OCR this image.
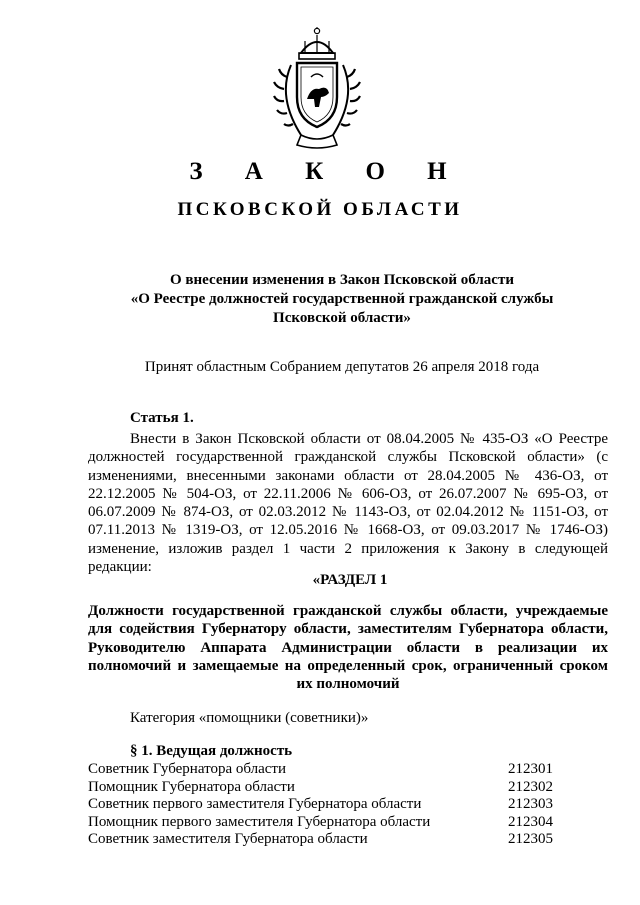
З А К О Н
ПСКОВСКОЙ ОБЛАСТИ
О внесении изменения в Закон Псковской области
«О Реестре должностей государственной гражданской службы
Псковской области»
Принят областным Собранием депутатов 26 апреля 2018 года
Статья 1.
Внести в Закон Псковской области от 08.04.2005 № 435-ОЗ «О Реестре должностей государственной гражданской службы Псковской области» (с изменениями, внесенными законами области от 28.04.2005 № 436-ОЗ, от 22.12.2005 № 504-ОЗ, от 22.11.2006 № 606-ОЗ, от 26.07.2007 № 695-ОЗ, от 06.07.2009 № 874-ОЗ, от 02.03.2012 № 1143-ОЗ, от 02.04.2012 № 1151-ОЗ, от 07.11.2013 № 1319-ОЗ, от 12.05.2016 № 1668-ОЗ, от 09.03.2017 № 1746-ОЗ) изменение, изложив раздел 1 части 2 приложения к Закону в следующей редакции:
«РАЗДЕЛ 1
Должности государственной гражданской службы области, учреждаемые для содействия Губернатору области, заместителям Губернатора области, Руководителю Аппарата Администрации области в реализации их полномочий и замещаемые на определенный срок, ограниченный сроком их полномочий
Категория «помощники (советники)»
§ 1. Ведущая должность
Советник Губернатора области	212301
Помощник Губернатора области	212302
Советник первого заместителя Губернатора области	212303
Помощник первого заместителя Губернатора области	212304
Советник заместителя Губернатора области	212305
